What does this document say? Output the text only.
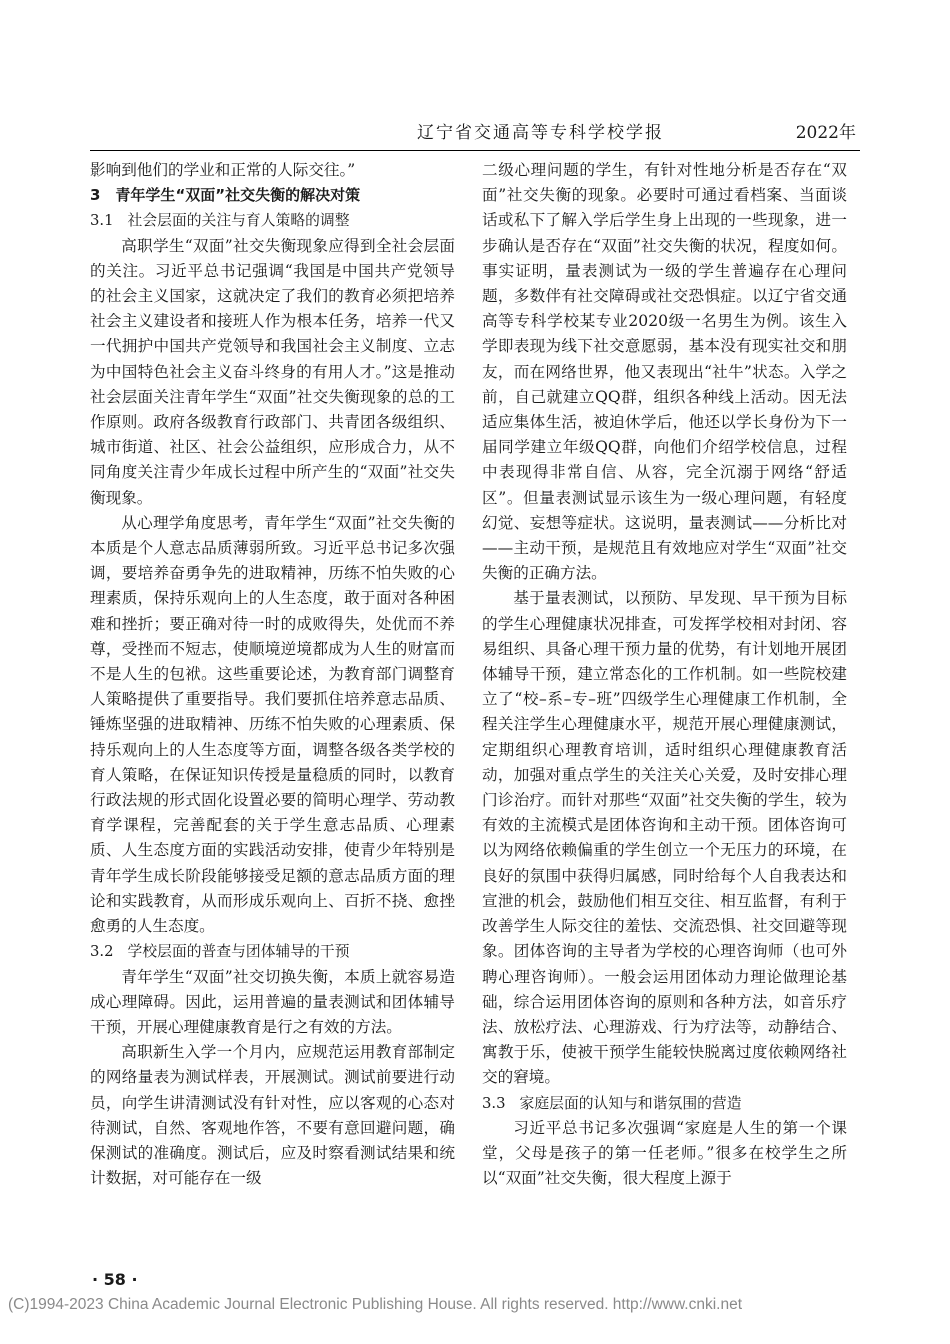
辽宁省交通高等专科学校学报	2022年

影响到他们的学业和正常的人际交往。”

3　青年学生“双面”社交失衡的解决对策

3.1 社会层面的关注与育人策略的调整

高职学生“双面”社交失衡现象应得到全社会层面的关注。习近平总书记强调“我国是中国共产党领导的社会主义国家，这就决定了我们的教育必须把培养社会主义建设者和接班人作为根本任务，培养一代又一代拥护中国共产党领导和我国社会主义制度、立志为中国特色社会主义奋斗终身的有用人才。”这是推动社会层面关注青年学生“双面”社交失衡现象的总的工作原则。政府各级教育行政部门、共青团各级组织、城市街道、社区、社会公益组织，应形成合力，从不同角度关注青少年成长过程中所产生的“双面”社交失衡现象。

从心理学角度思考，青年学生“双面”社交失衡的本质是个人意志品质薄弱所致。习近平总书记多次强调，要培养奋勇争先的进取精神，历练不怕失败的心理素质，保持乐观向上的人生态度，敢于面对各种困难和挫折；要正确对待一时的成败得失，处优而不养尊，受挫而不短志，使顺境逆境都成为人生的财富而不是人生的包袱。这些重要论述，为教育部门调整育人策略提供了重要指导。我们要抓住培养意志品质、锤炼坚强的进取精神、历练不怕失败的心理素质、保持乐观向上的人生态度等方面，调整各级各类学校的育人策略，在保证知识传授是量稳质的同时，以教育行政法规的形式固化设置必要的简明心理学、劳动教育学课程，完善配套的关于学生意志品质、心理素质、人生态度方面的实践活动安排，使青少年特别是青年学生成长阶段能够接受足额的意志品质方面的理论和实践教育，从而形成乐观向上、百折不挠、愈挫愈勇的人生态度。

3.2 学校层面的普查与团体辅导的干预

青年学生“双面”社交切换失衡，本质上就容易造成心理障碍。因此，运用普遍的量表测试和团体辅导干预，开展心理健康教育是行之有效的方法。

高职新生入学一个月内，应规范运用教育部制定的网络量表为测试样表，开展测试。测试前要进行动员，向学生讲清测试没有针对性，应以客观的心态对待测试，自然、客观地作答，不要有意回避问题，确保测试的准确度。测试后，应及时察看测试结果和统计数据，对可能存在一级

二级心理问题的学生，有针对性地分析是否存在“双面”社交失衡的现象。必要时可通过看档案、当面谈话或私下了解入学后学生身上出现的一些现象，进一步确认是否存在“双面”社交失衡的状况，程度如何。事实证明，量表测试为一级的学生普遍存在心理问题，多数伴有社交障碍或社交恐惧症。以辽宁省交通高等专科学校某专业2020级一名男生为例。该生入学即表现为线下社交意愿弱，基本没有现实社交和朋友，而在网络世界，他又表现出“社牛”状态。入学之前，自己就建立QQ群，组织各种线上活动。因无法适应集体生活，被迫休学后，他还以学长身份为下一届同学建立年级QQ群，向他们介绍学校信息，过程中表现得非常自信、从容，完全沉溺于网络“舒适区”。但量表测试显示该生为一级心理问题，有轻度幻觉、妄想等症状。这说明，量表测试——分析比对——主动干预，是规范且有效地应对学生“双面”社交失衡的正确方法。

基于量表测试，以预防、早发现、早干预为目标的学生心理健康状况排查，可发挥学校相对封闭、容易组织、具备心理干预力量的优势，有计划地开展团体辅导干预，建立常态化的工作机制。如一些院校建立了“校–系–专–班”四级学生心理健康工作机制，全程关注学生心理健康水平，规范开展心理健康测试，定期组织心理教育培训，适时组织心理健康教育活动，加强对重点学生的关注关心关爱，及时安排心理门诊治疗。而针对那些“双面”社交失衡的学生，较为有效的主流模式是团体咨询和主动干预。团体咨询可以为网络依赖偏重的学生创立一个无压力的环境，在良好的氛围中获得归属感，同时给每个人自我表达和宣泄的机会，鼓励他们相互交往、相互监督，有利于改善学生人际交往的羞怯、交流恐惧、社交回避等现象。团体咨询的主导者为学校的心理咨询师（也可外聘心理咨询师）。一般会运用团体动力理论做理论基础，综合运用团体咨询的原则和各种方法，如音乐疗法、放松疗法、心理游戏、行为疗法等，动静结合、寓教于乐，使被干预学生能较快脱离过度依赖网络社交的窘境。

3.3 家庭层面的认知与和谐氛围的营造

习近平总书记多次强调“家庭是人生的第一个课堂，父母是孩子的第一任老师。”很多在校学生之所以“双面”社交失衡，很大程度上源于

· 58 ·
(C)1994-2023 China Academic Journal Electronic Publishing House. All rights reserved. http://www.cnki.net
